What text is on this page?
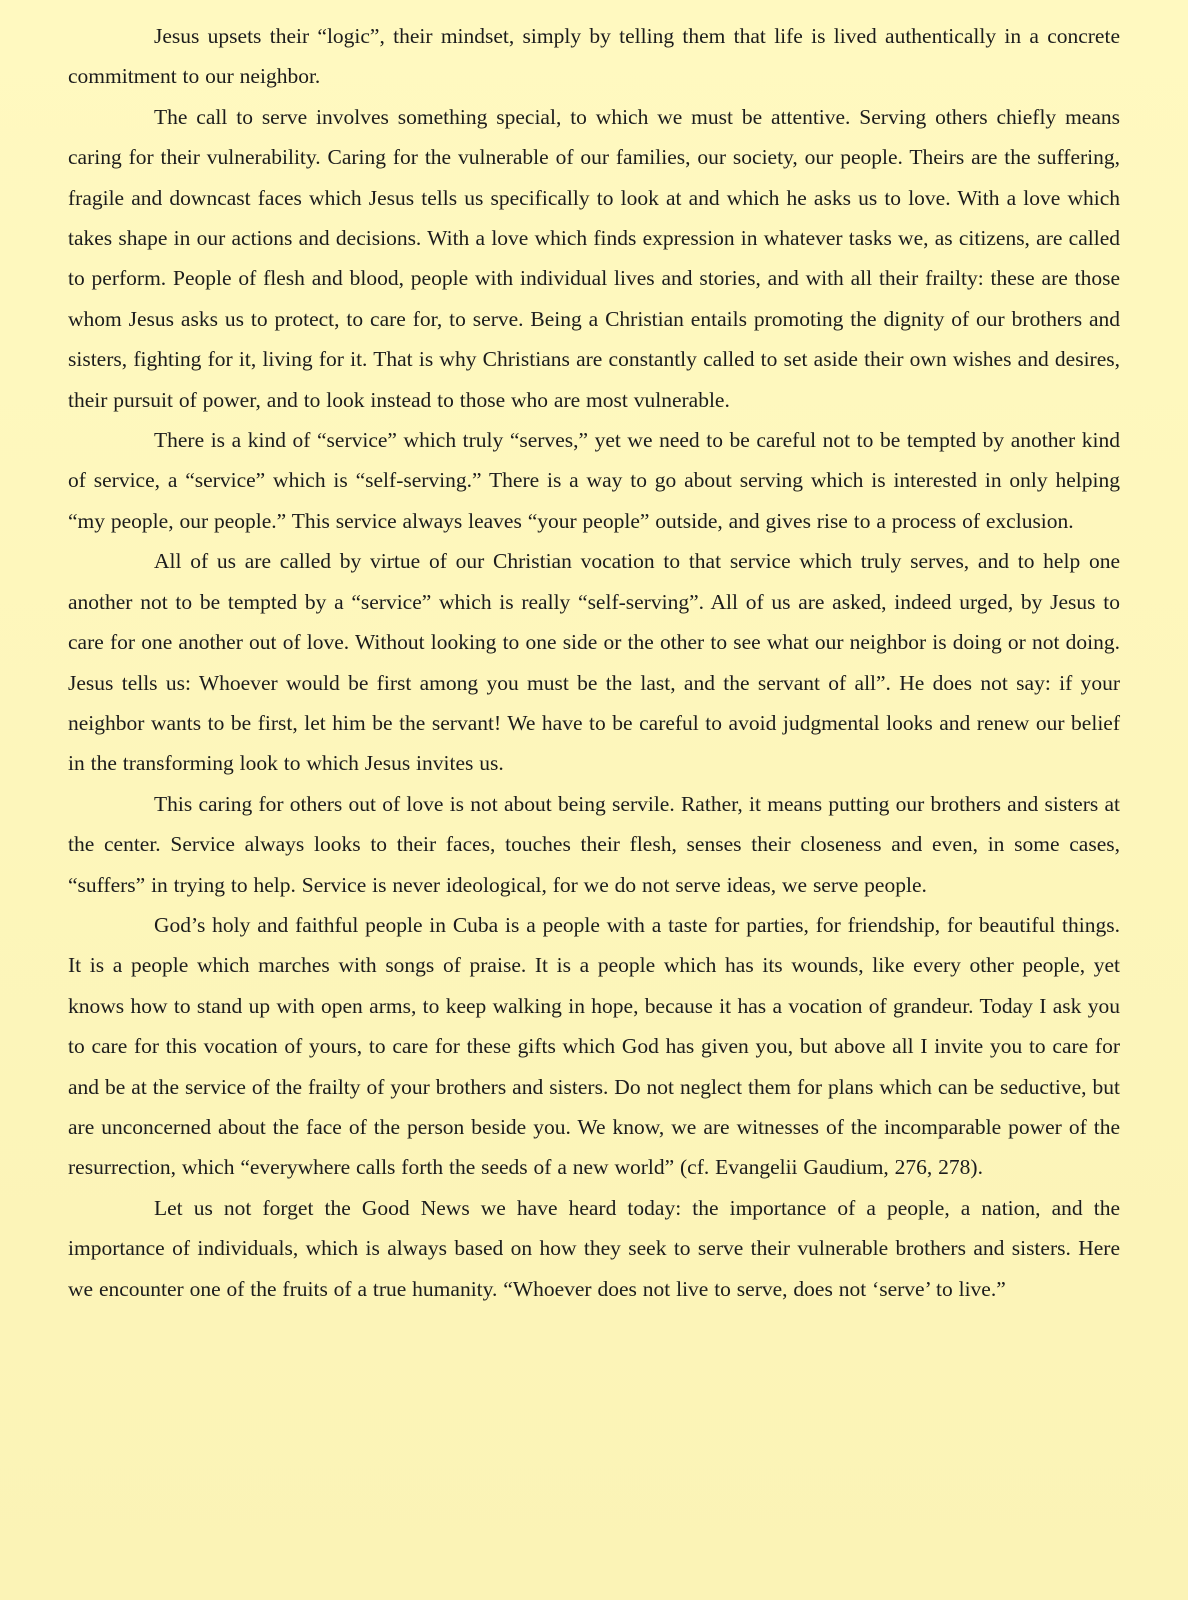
Jesus upsets their “logic”, their mindset, simply by telling them that life is lived authentically in a concrete commitment to our neighbor.

The call to serve involves something special, to which we must be attentive. Serving others chiefly means caring for their vulnerability. Caring for the vulnerable of our families, our society, our people. Theirs are the suffering, fragile and downcast faces which Jesus tells us specifically to look at and which he asks us to love. With a love which takes shape in our actions and decisions. With a love which finds expression in whatever tasks we, as citizens, are called to perform. People of flesh and blood, people with individual lives and stories, and with all their frailty: these are those whom Jesus asks us to protect, to care for, to serve. Being a Christian entails promoting the dignity of our brothers and sisters, fighting for it, living for it. That is why Christians are constantly called to set aside their own wishes and desires, their pursuit of power, and to look instead to those who are most vulnerable.

There is a kind of “service” which truly “serves,” yet we need to be careful not to be tempted by another kind of service, a “service” which is “self-serving.” There is a way to go about serving which is interested in only helping “my people, our people.” This service always leaves “your people” outside, and gives rise to a process of exclusion.

All of us are called by virtue of our Christian vocation to that service which truly serves, and to help one another not to be tempted by a “service” which is really “self-serving”. All of us are asked, indeed urged, by Jesus to care for one another out of love. Without looking to one side or the other to see what our neighbor is doing or not doing. Jesus tells us: Whoever would be first among you must be the last, and the servant of all”. He does not say: if your neighbor wants to be first, let him be the servant! We have to be careful to avoid judgmental looks and renew our belief in the transforming look to which Jesus invites us.

This caring for others out of love is not about being servile. Rather, it means putting our brothers and sisters at the center. Service always looks to their faces, touches their flesh, senses their closeness and even, in some cases, “suffers” in trying to help. Service is never ideological, for we do not serve ideas, we serve people.

God’s holy and faithful people in Cuba is a people with a taste for parties, for friendship, for beautiful things. It is a people which marches with songs of praise. It is a people which has its wounds, like every other people, yet knows how to stand up with open arms, to keep walking in hope, because it has a vocation of grandeur. Today I ask you to care for this vocation of yours, to care for these gifts which God has given you, but above all I invite you to care for and be at the service of the frailty of your brothers and sisters. Do not neglect them for plans which can be seductive, but are unconcerned about the face of the person beside you. We know, we are witnesses of the incomparable power of the resurrection, which “everywhere calls forth the seeds of a new world” (cf. Evangelii Gaudium, 276, 278).

Let us not forget the Good News we have heard today: the importance of a people, a nation, and the importance of individuals, which is always based on how they seek to serve their vulnerable brothers and sisters. Here we encounter one of the fruits of a true humanity. “Whoever does not live to serve, does not ‘serve’ to live.”
